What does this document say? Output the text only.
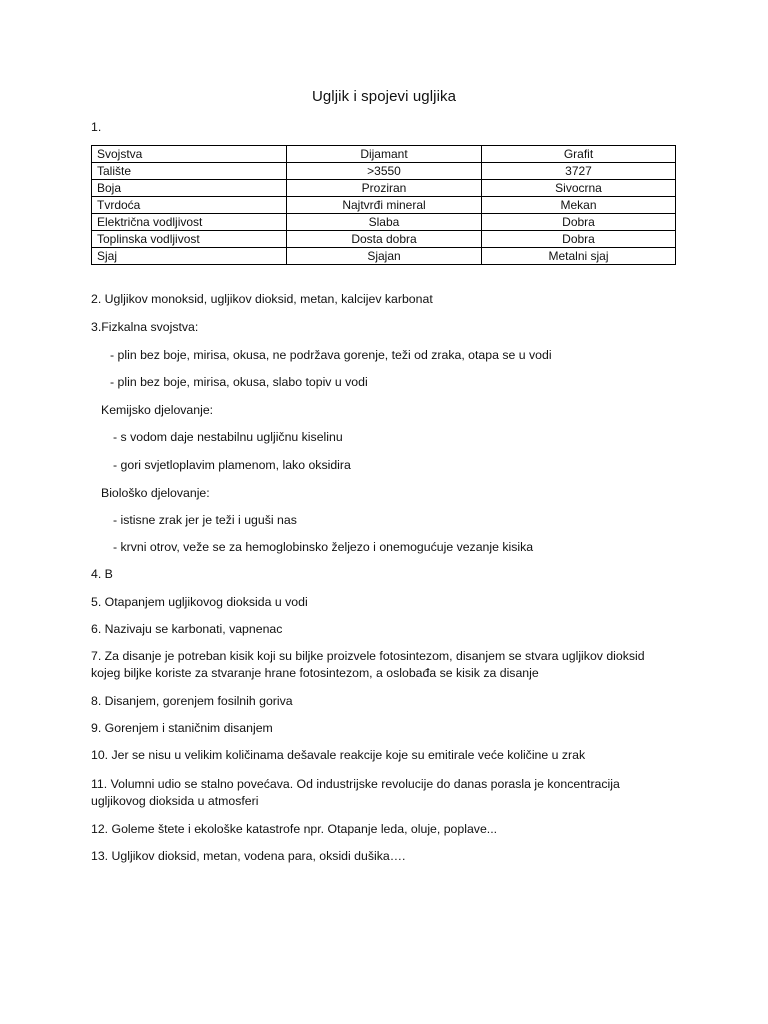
Ugljik i spojevi ugljika
1.
Svojstva	Dijamant	Grafit
Talište	>3550	3727
Boja	Proziran	Sivocrna
Tvrdoća	Najtvrđi mineral	Mekan
Električna vodljivost	Slaba	Dobra
Toplinska vodljivost	Dosta dobra	Dobra
Sjaj	Sjajan	Metalni sjaj
2. Ugljikov monoksid, ugljikov dioksid, metan, kalcijev karbonat
3.Fizkalna svojstva:
- plin bez boje, mirisa, okusa, ne podržava gorenje, teži od zraka, otapa se u vodi
- plin bez boje, mirisa, okusa, slabo topiv u vodi
Kemijsko djelovanje:
- s vodom daje nestabilnu ugljičnu kiselinu
- gori svjetloplavim plamenom, lako oksidira
Biološko djelovanje:
- istisne zrak jer je teži i uguši nas
- krvni otrov, veže se za hemoglobinsko željezo i onemogućuje vezanje kisika
4. B
5. Otapanjem ugljikovog dioksida u vodi
6. Nazivaju se karbonati, vapnenac
7. Za disanje je potreban kisik koji su biljke proizvele fotosintezom, disanjem se stvara ugljikov dioksid kojeg biljke koriste za stvaranje hrane fotosintezom, a oslobađa se kisik za disanje
8. Disanjem, gorenjem fosilnih goriva
9. Gorenjem i staničnim disanjem
10. Jer se nisu u velikim količinama dešavale reakcije koje su emitirale veće količine u zrak
11. Volumni udio se stalno povećava. Od industrijske revolucije do danas porasla je koncentracija ugljikovog dioksida u atmosferi
12. Goleme štete i ekološke katastrofe npr. Otapanje leda, oluje, poplave...
13. Ugljikov dioksid, metan, vodena para, oksidi dušika….
